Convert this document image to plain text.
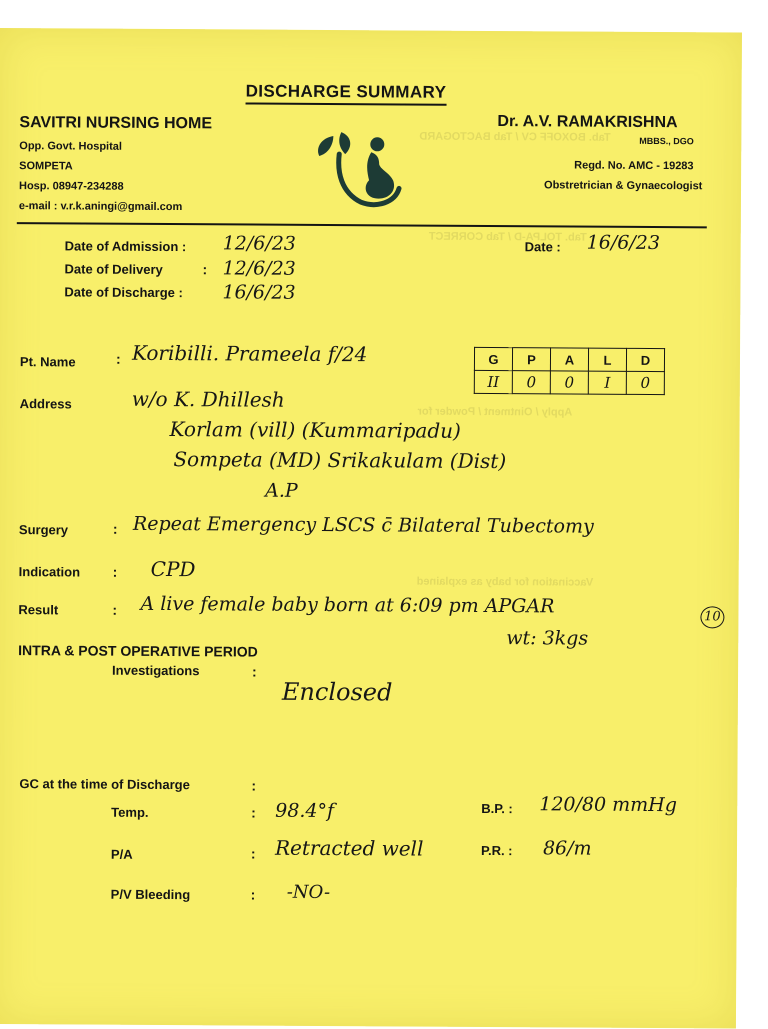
Tab. BOXOFF CV / Tab BACTOGARD
Tab. TOLPA-D / Tab CORRECT
Apply / Ointment / Powder for
Vaccination for baby as explained
DISCHARGE SUMMARY
SAVITRI NURSING HOME
Opp. Govt. Hospital
SOMPETA
Hosp. 08947-234288
e-mail : v.r.k.aningi@gmail.com
Dr. A.V. RAMAKRISHNA
MBBS., DGO
Regd. No. AMC - 19283
Obstretrician & Gynaecologist
Date of Admission : 12/6/23
Date of Delivery	: 12/6/23
Date of Discharge : 16/6/23
Date : 16/6/23
Pt. Name	: Koribilli. Prameela f/24	G	P	A	L	D
II	0	0	I	0
Address	w/o K. Dhillesh
Korlam (vill) (Kummaripadu)
Sompeta (MD) Srikakulam (Dist)
A.P
Surgery	: Repeat Emergency LSCS c̄ Bilateral Tubectomy
Indication : CPD
Result	: A live female baby born at 6:09 pm APGAR	10
wt: 3kgs
INTRA & POST OPERATIVE PERIOD
Investigations	:
Enclosed
GC at the time of Discharge	:
Temp.	: 98.4°f	B.P. : 120/80 mmHg
P/A	: Retracted well	P.R. : 86/m
P/V Bleeding	: -NO-
